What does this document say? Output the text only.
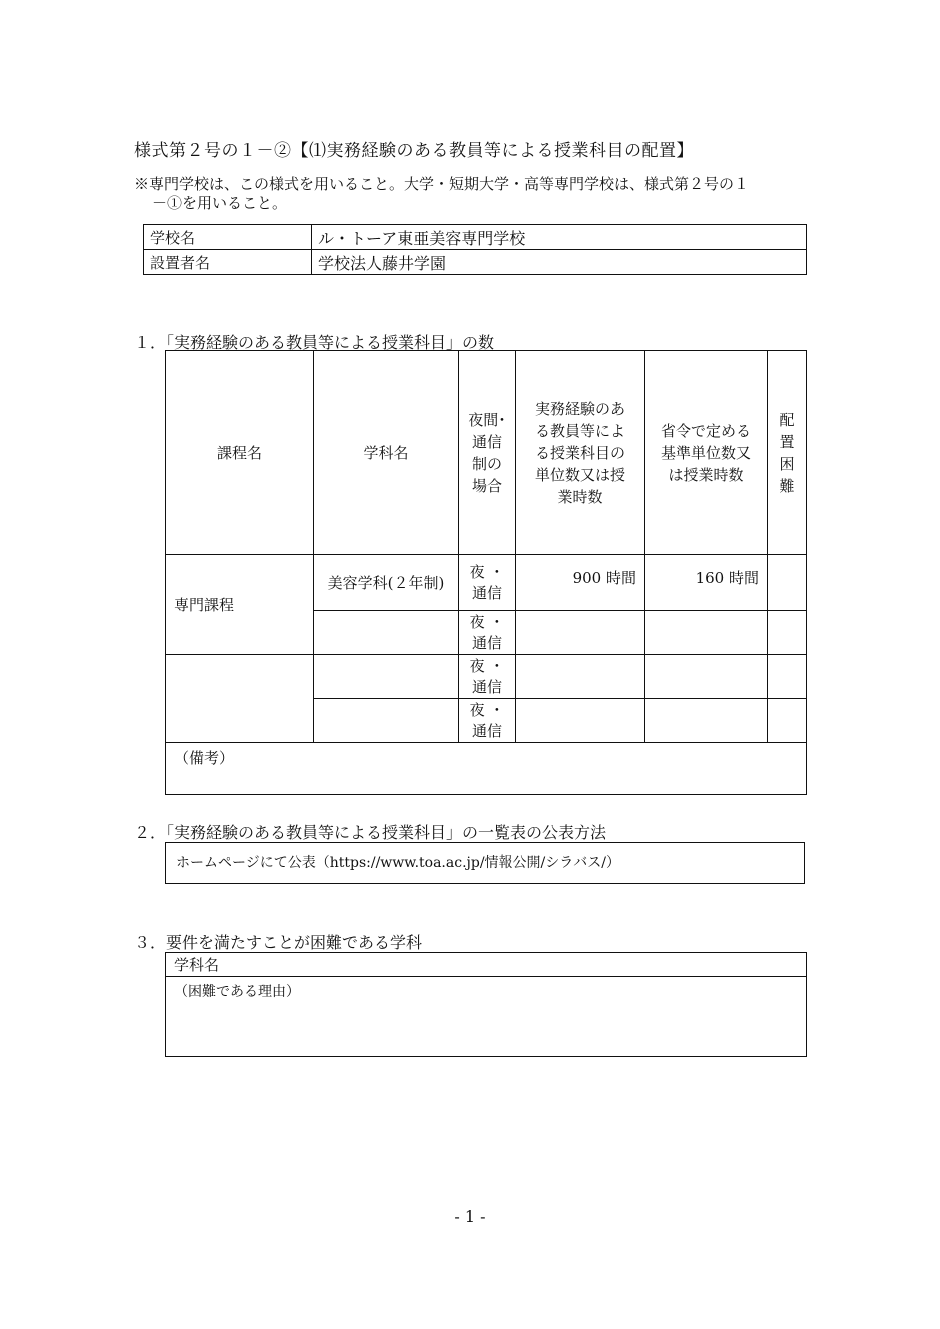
様式第２号の１－②【⑴実務経験のある教員等による授業科目の配置】
※専門学校は、この様式を用いること。大学・短期大学・高等専門学校は、様式第２号の１
－①を用いること。
学校名	ル・トーア東亜美容専門学校
設置者名	学校法人藤井学園
１．「実務経験のある教員等による授業科目」の数
課程名	学科名	夜間･
通信
制の
場合	実務経験のあ
る教員等によ
る授業科目の
単位数又は授
業時数	省令で定める
基準単位数又
は授業時数	配
置
困
難
専門課程	美容学科(２年制)	夜 ・
通信	900 時間	160 時間	
		夜 ・
通信			
		夜 ・
通信			
		夜 ・
通信			
（備考）					
２．「実務経験のある教員等による授業科目」の一覧表の公表方法
ホームページにて公表（https://www.toa.ac.jp/情報公開/シラバス/）
３．要件を満たすことが困難である学科
学科名
（困難である理由）
- 1 -
